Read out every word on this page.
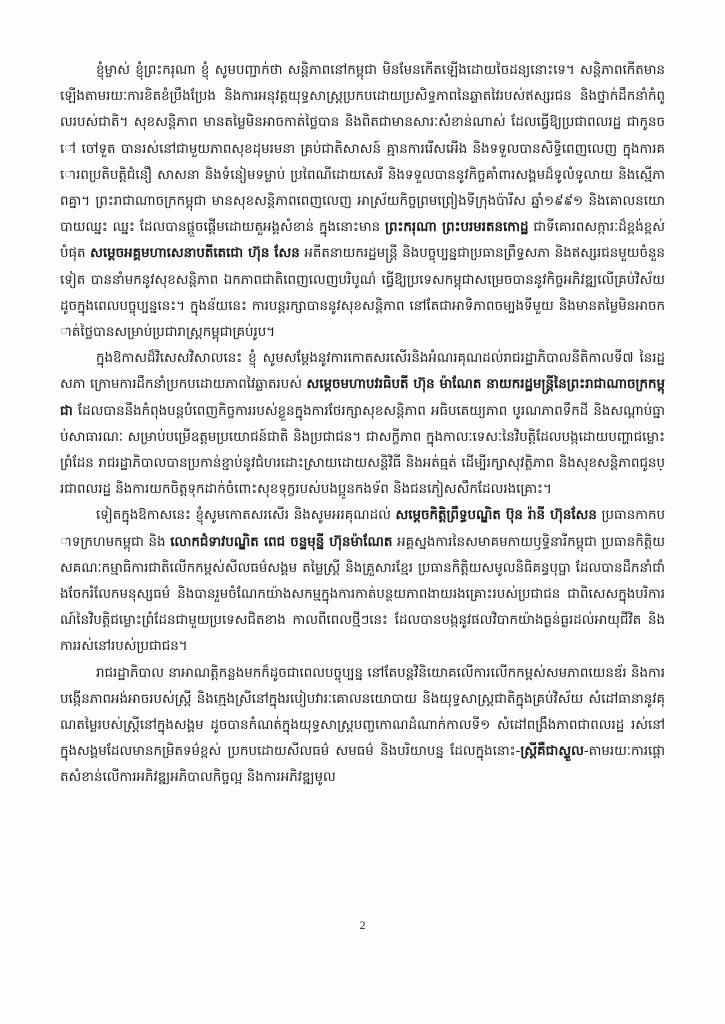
ខ្ញុំម្ចាស់ ខ្ញុំព្រះករុណា ខ្ញុំ សូមបញ្ជាក់ថា សន្តិភាពនៅកម្ពុជា មិនមែនកើតឡើងដោយចៃដន្យនោះទេ។ សន្តិភាពកើតមានឡើងតាមរយៈការខិតខំប្រឹងប្រែង និងការអនុវត្តយុទ្ធសាស្ត្រប្រកបដោយប្រសិទ្ធភាពនៃឆ្លាតវៃរបស់ឥស្សរជន និងថ្នាក់ដឹកនាំកំពូលរបស់ជាតិ។ សុខសន្តិភាព មានតម្លៃមិនអាចកាត់ថ្លៃបាន និងពិតជាមានសារៈសំខាន់ណាស់ ដែលធ្វើឱ្យប្រជាពលរដ្ឋ ជាកូនចៅ ចៅទួត បានរស់នៅជាមួយភាពសុខដុមរមនា គ្រប់ជាតិសាសន៍ គ្មានការរើសអើង និងទទួលបានសិទ្ធិពេញលេញ ក្នុងការគោរពប្រតិបត្តិជំនឿ សាសនា និងទំនៀមទម្លាប់ ប្រពៃណីដោយសេរី និងទទួលបាននូវកិច្ចគាំពារសង្គមដ៏ទូលំទូលាយ និងស្មើភាពគ្នា។ ព្រះរាជាណាចក្រកម្ពុជា មានសុខសន្តិភាពពេញលេញ អាស្រ័យកិច្ចព្រមព្រៀងទីក្រុងប៉ារីស ឆ្នាំ១៩៩១ និងគោលនយោបាយឈ្នះ ឈ្នះ ដែលបានផ្តួចផ្តើមដោយតួអង្គសំខាន់ ក្នុងនោះមាន ព្រះករុណា ព្រះបរមរតនកោដ្ឋ ជាទីគោរពសក្ការៈដ៏ខ្ពង់ខ្ពស់បំផុត សម្តេចអគ្គមហាសេនាបតីតេជោ ហ៊ុន សែន អតីតនាយករដ្ឋមន្ត្រី និងបច្ចុប្បន្នជាប្រធានព្រឹទ្ធសភា និងឥស្សរជនមួយចំនួនទៀត បាននាំមកនូវសុខសន្តិភាព ឯកភាពជាតិពេញលេញបរិបូណ៌ ធ្វើឱ្យប្រទេសកម្ពុជាសម្រេចបាននូវកិច្ចអភិវឌ្ឍលើគ្រប់វិស័យដូចក្នុងពេលបច្ចុប្បន្ននេះ។ ក្នុងន័យនេះ ការបន្តរក្សាបាននូវសុខសន្តិភាព នៅតែជាអាទិភាពចម្បងទីមួយ និងមានតម្លៃមិនអាចកាត់ថ្លៃបានសម្រាប់ប្រជារាស្ត្រកម្ពុជាគ្រប់រូប។

ក្នុងឱកាសដ៏វិសេសវិសាលនេះ ខ្ញុំ សូមសម្តែងនូវការកោតសរសើរនិងអំណរគុណដល់រាជរដ្ឋាភិបាលនីតិកាលទី៧ នៃរដ្ឋសភា ក្រោមការដឹកនាំប្រកបដោយភាពវៃឆ្លាតរបស់ សម្តេចមហាបវរធិបតី ហ៊ុន ម៉ាណែត នាយករដ្ឋមន្ត្រីនៃព្រះរាជាណាចក្រកម្ពុជា ដែលបាននឹងកំពុងបន្តបំពេញកិច្ចការរបស់ខ្លួនក្នុងការថែរក្សាសុខសន្តិភាព អធិបតេយ្យភាព បូរណភាពទឹកដី និងសណ្តាប់ធ្នាប់សាធារណៈ សម្រាប់បម្រើឧត្តមប្រយោជន៍ជាតិ និងប្រជាជន។ ជាសក្ខីភាព ក្នុងកាលៈទេសៈនៃវិបត្តិដែលបង្កដោយបញ្ហាជម្លោះព្រំដែន រាជរដ្ឋាភិបាលបានប្រកាន់ខ្ជាប់នូវជំហរដោះស្រាយដោយសន្តិវិធី និងអត់ធ្មត់ ដើម្បីរក្សាសុវត្ថិភាព និងសុខសន្តិភាពជូនប្រជាពលរដ្ឋ និងការយកចិត្តទុកដាក់ចំពោះសុខទុក្ខរបស់បងប្អូនកងទ័ព និងជនភៀសសឹកដែលរងគ្រោះ។

ទៀតក្នុងឱកាសនេះ ខ្ញុំសូមកោតសរសើរ និងសូមអរគុណដល់ សម្តេចកិត្តិព្រឹទ្ធបណ្ឌិត ប៊ុន រ៉ានី ហ៊ុនសែន ប្រធានកាកបាទក្រហមកម្ពុជា និង លោកជំទាវបណ្ឌិត ពេជ ចន្ទមុន្នី ហ៊ុនម៉ាណែត អគ្គស្នងការនៃសមាគមកាយឫទ្ធិនារីកម្ពុជា ប្រធានកិត្តិយសគណៈកម្មាធិការជាតិលើកកម្ពស់សីលធម៌សង្គម តម្លៃស្ត្រី និងគ្រួសារខ្មែរ ប្រធានកិត្តិយសមូលនិធិគន្ធបុប្ផា ដែលបានដឹកនាំជាំងចែករំលែកមនុស្សធម៌ និងបានរួមចំណែកយ៉ាងសកម្មក្នុងការកាត់បន្ថយភាពងាយរងគ្រោះរបស់ប្រជាជន ជាពិសេសក្នុងបរិការណ៍នៃវិបត្តិជម្លោះព្រំដែនជាមួយប្រទេសជិតខាង កាលពីពេលថ្មីៗនេះ ដែលបានបង្កនូវផលវិបាកយ៉ាងធ្ងន់ធ្ងរដល់អាយុជីវិត និងការរស់នៅរបស់ប្រជាជន។

រាជរដ្ឋាភិបាល នាអាណត្តិកន្លងមកក៏ដូចជាពេលបច្ចុប្បន្ន នៅតែបន្តវិនិយោគលើការលើកកម្ពស់សមភាពយេនឌ័រ និងការបង្កើនភាពអង់អាចរបស់ស្ត្រី និងក្មេងស្រីនៅក្នុងរបៀបវារៈគោលនយោបាយ និងយុទ្ធសាស្ត្រជាតិក្នុងគ្រប់វិស័យ សំដៅធានានូវគុណតម្លៃរបស់ស្ត្រីនៅក្នុងសង្គម ដូចបានកំណត់ក្នុងយុទ្ធសាស្ត្របញ្ចកោណដំណាក់កាលទី១ សំដៅពង្រឹងភាពជាពលរដ្ឋ រស់នៅក្នុងសង្គមដែលមានកម្រិតទម៌ខ្ពស់ ប្រកបដោយសីលធម៌ សមធម៌ និងបរិយាបន្ន ដែលក្នុងនោះ-ស្ត្រីគឺជាស្ទួល-តាមរយៈការផ្តោតសំខាន់លើការអភិវឌ្ឍអភិបាលកិច្ចល្អ និងការអភិវឌ្ឍមូល

2
